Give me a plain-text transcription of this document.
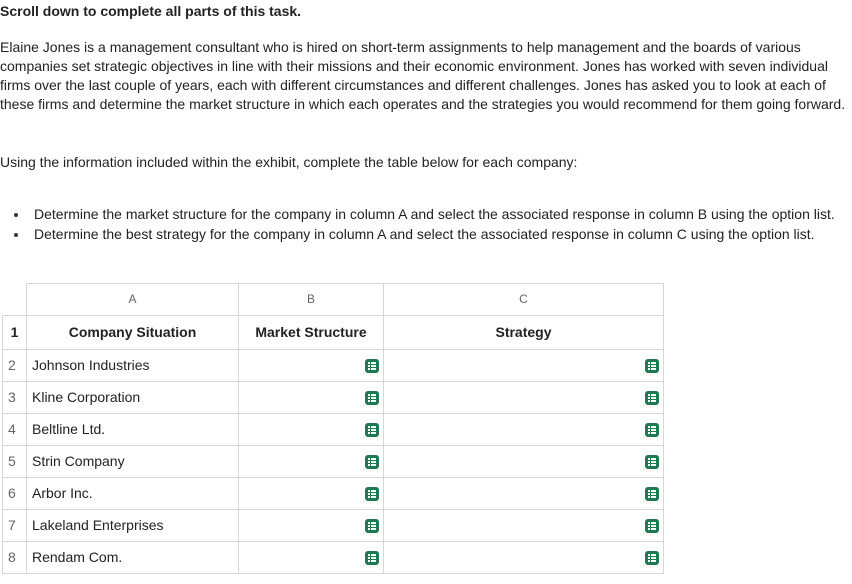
Scroll down to complete all parts of this task.

Elaine Jones is a management consultant who is hired on short-term assignments to help management and the boards of various companies set strategic objectives in line with their missions and their economic environment. Jones has worked with seven individual firms over the last couple of years, each with different circumstances and different challenges. Jones has asked you to look at each of these firms and determine the market structure in which each operates and the strategies you would recommend for them going forward.

Using the information included within the exhibit, complete the table below for each company:

Determine the market structure for the company in column A and select the associated response in column B using the option list.
Determine the best strategy for the company in column A and select the associated response in column C using the option list.
	A	B	C
1	Company Situation	Market Structure	Strategy
2	Johnson Industries	

3	Kline Corporation	

4	Beltline Ltd.	

5	Strin Company	

6	Arbor Inc.	

7	Lakeland Enterprises	

8	Rendam Com.	
